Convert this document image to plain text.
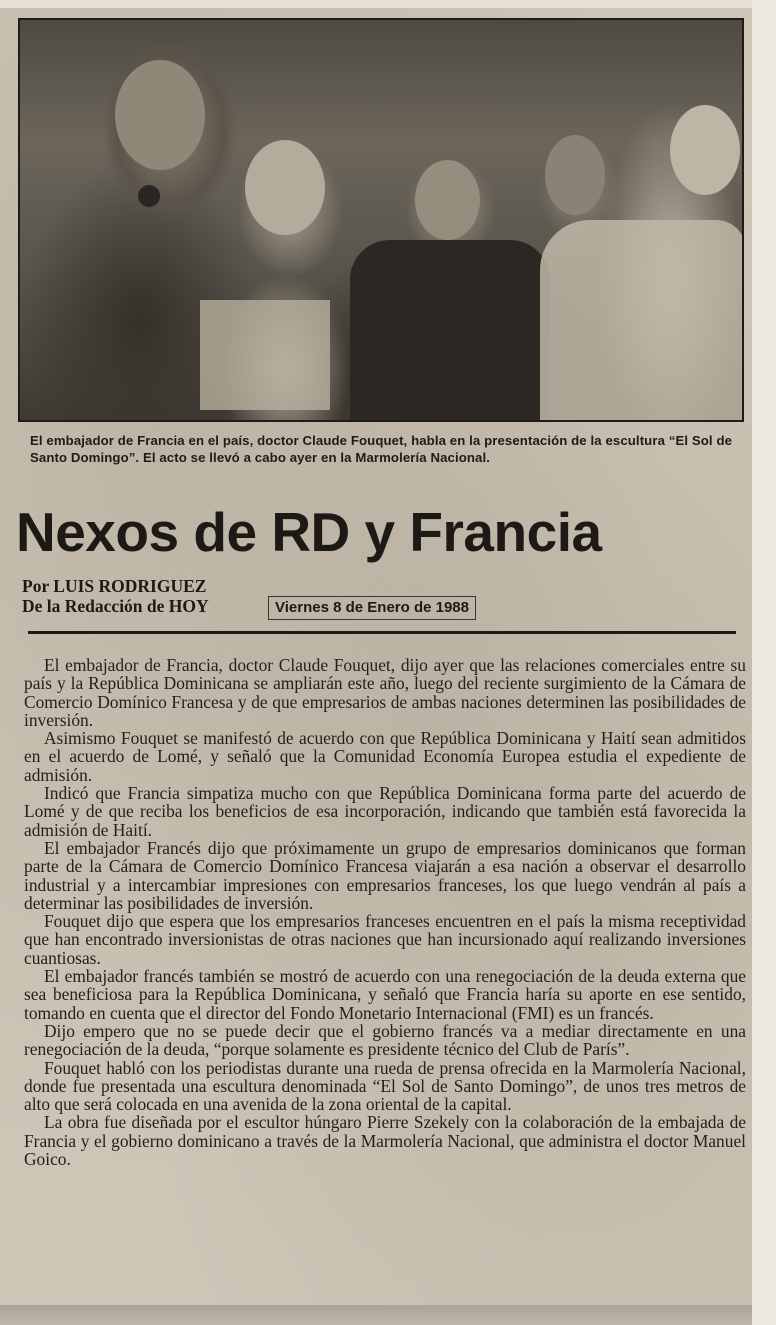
El embajador de Francia en el país, doctor Claude Fouquet, habla en la presentación de la escultura “El Sol de Santo Domingo”. El acto se llevó a cabo ayer en la Marmolería Nacional.
Nexos de RD y Francia
Por LUIS RODRIGUEZ
De la Redacción de HOY	Viernes 8 de Enero de 1988

El embajador de Francia, doctor Claude Fouquet, dijo ayer que las relaciones comerciales entre su país y la República Dominicana se ampliarán este año, luego del reciente surgimiento de la Cámara de Comercio Domínico Francesa y de que empresarios de ambas naciones determinen las posibilidades de inversión.

Asimismo Fouquet se manifestó de acuerdo con que República Dominicana y Haití sean admitidos en el acuerdo de Lomé, y señaló que la Comunidad Economía Europea estudia el expediente de admisión.

Indicó que Francia simpatiza mucho con que República Dominicana forma parte del acuerdo de Lomé y de que reciba los beneficios de esa incorporación, indicando que también está favorecida la admisión de Haití.

El embajador Francés dijo que próximamente un grupo de empresarios dominicanos que forman parte de la Cámara de Comercio Domínico Francesa viajarán a esa nación a observar el desarrollo industrial y a intercambiar impresiones con empresarios franceses, los que luego vendrán al país a determinar las posibilidades de inversión.

Fouquet dijo que espera que los empresarios franceses encuentren en el país la misma receptividad que han encontrado inversionistas de otras naciones que han incursionado aquí realizando inversiones cuantiosas.

El embajador francés también se mostró de acuerdo con una renegociación de la deuda externa que sea beneficiosa para la República Dominicana, y señaló que Francia haría su aporte en ese sentido, tomando en cuenta que el director del Fondo Monetario Internacional (FMI) es un francés.

Dijo empero que no se puede decir que el gobierno francés va a mediar directamente en una renegociación de la deuda, “porque solamente es presidente técnico del Club de París”.

Fouquet habló con los periodistas durante una rueda de prensa ofrecida en la Marmolería Nacional, donde fue presentada una escultura denominada “El Sol de Santo Domingo”, de unos tres metros de alto que será colocada en una avenida de la zona oriental de la capital.

La obra fue diseñada por el escultor húngaro Pierre Szekely con la colaboración de la embajada de Francia y el gobierno dominicano a través de la Marmolería Nacional, que administra el doctor Manuel Goico.
